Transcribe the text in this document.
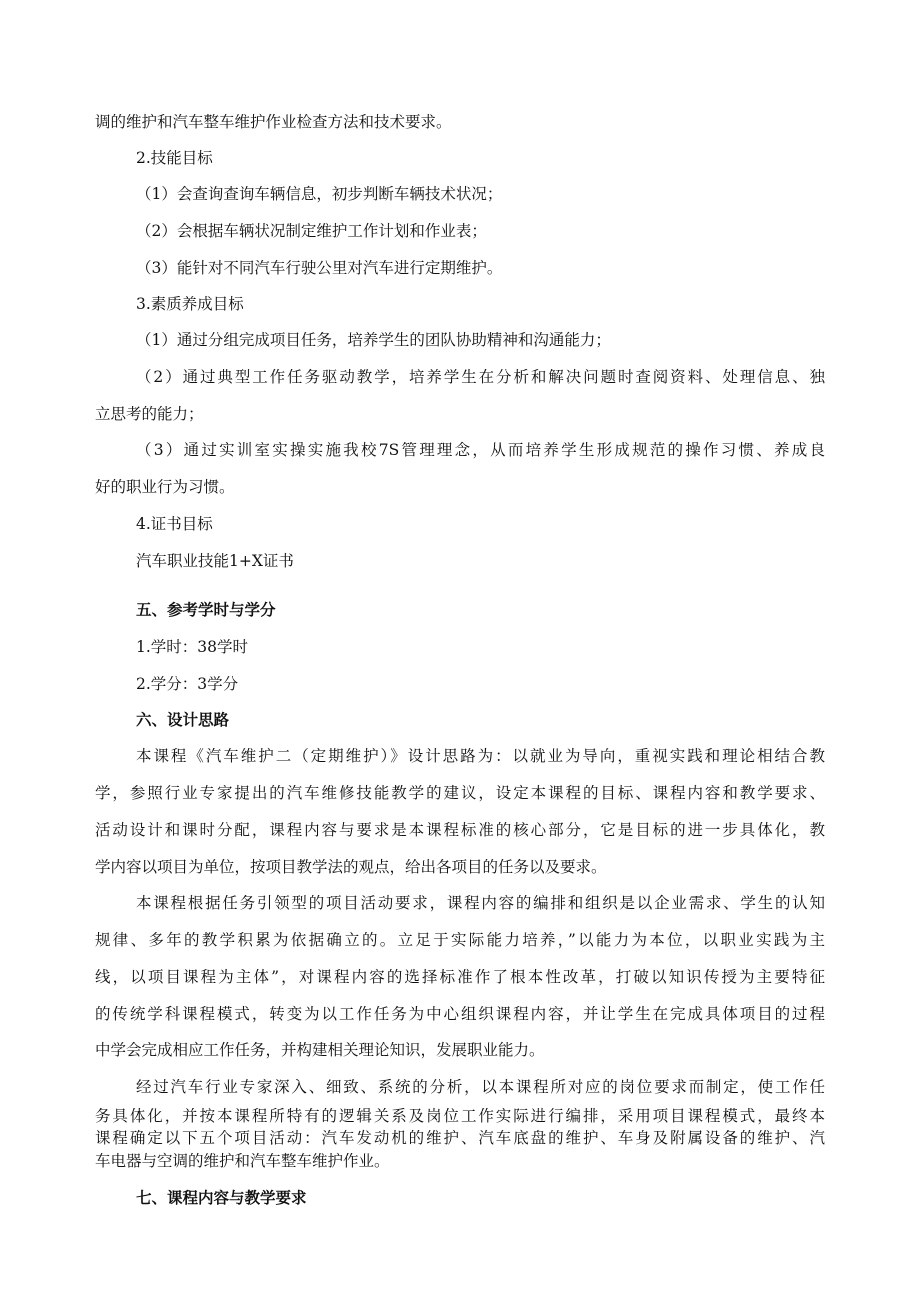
调的维护和汽车整车维护作业检查方法和技术要求。

2.技能目标

（1）会查询查询车辆信息，初步判断车辆技术状况；

（2）会根据车辆状况制定维护工作计划和作业表；

（3）能针对不同汽车行驶公里对汽车进行定期维护。

3.素质养成目标

（1）通过分组完成项目任务，培养学生的团队协助精神和沟通能力；

（2）通过典型工作任务驱动教学，培养学生在分析和解决问题时查阅资料、处理信息、独

立思考的能力；

（3）通过实训室实操实施我校7S管理理念，从而培养学生形成规范的操作习惯、养成良

好的职业行为习惯。

4.证书目标

汽车职业技能1+X证书

五、参考学时与学分

1.学时：38学时

2.学分：3学分

六、设计思路

本课程《汽车维护二（定期维护）》设计思路为：以就业为导向，重视实践和理论相结合教

学，参照行业专家提出的汽车维修技能教学的建议，设定本课程的目标、课程内容和教学要求、

活动设计和课时分配，课程内容与要求是本课程标准的核心部分，它是目标的进一步具体化，教

学内容以项目为单位，按项目教学法的观点，给出各项目的任务以及要求。

本课程根据任务引领型的项目活动要求，课程内容的编排和组织是以企业需求、学生的认知

规律、多年的教学积累为依据确立的。立足于实际能力培养，”以能力为本位，以职业实践为主

线，以项目课程为主体”，对课程内容的选择标准作了根本性改革，打破以知识传授为主要特征

的传统学科课程模式，转变为以工作任务为中心组织课程内容，并让学生在完成具体项目的过程

中学会完成相应工作任务，并构建相关理论知识，发展职业能力。

经过汽车行业专家深入、细致、系统的分析，以本课程所对应的岗位要求而制定，使工作任

务具体化，并按本课程所特有的逻辑关系及岗位工作实际进行编排，采用项目课程模式，最终本

课程确定以下五个项目活动：汽车发动机的维护、汽车底盘的维护、车身及附属设备的维护、汽

车电器与空调的维护和汽车整车维护作业。

七、课程内容与教学要求
